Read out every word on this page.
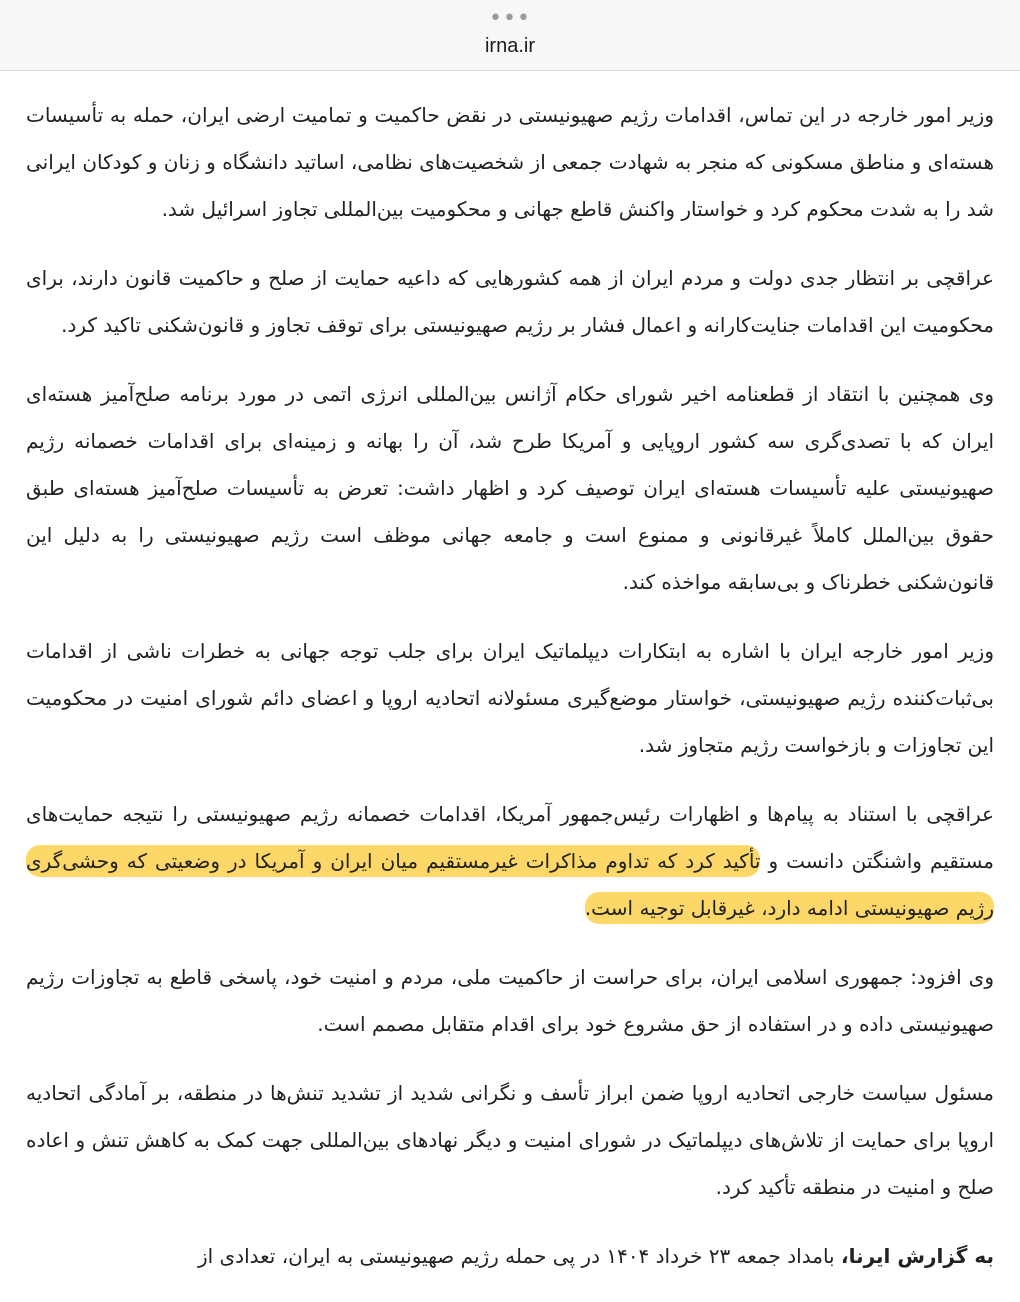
•••
irna.ir

وزیر امور خارجه در این تماس، اقدامات رژیم صهیونیستی در نقض حاکمیت و تمامیت ارضی ایران، حمله به تأسیسات هسته‌ای و مناطق مسکونی که منجر به شهادت جمعی از شخصیت‌های نظامی، اساتید دانشگاه و زنان و کودکان ایرانی شد را به شدت محکوم کرد و خواستار واکنش قاطع جهانی و محکومیت بین‌المللی تجاوز اسرائیل شد.

عراقچی بر انتظار جدی دولت و مردم ایران از همه کشورهایی که داعیه حمایت از صلح و حاکمیت قانون دارند، برای محکومیت این اقدامات جنایت‌کارانه و اعمال فشار بر رژیم صهیونیستی برای توقف تجاوز و قانون‌شکنی تاکید کرد.

وی همچنین با انتقاد از قطعنامه اخیر شورای حکام آژانس بین‌المللی انرژی اتمی در مورد برنامه صلح‌آمیز هسته‌ای ایران که با تصدی‌گری سه کشور اروپایی و آمریکا طرح شد، آن را بهانه و زمینه‌ای برای اقدامات خصمانه رژیم صهیونیستی علیه تأسیسات هسته‌ای ایران توصیف کرد و اظهار داشت: تعرض به تأسیسات صلح‌آمیز هسته‌ای طبق حقوق بین‌الملل کاملاً غیرقانونی و ممنوع است و جامعه جهانی موظف است رژیم صهیونیستی را به دلیل این قانون‌شکنی خطرناک و بی‌سابقه مواخذه کند.

وزیر امور خارجه ایران با اشاره به ابتکارات دیپلماتیک ایران برای جلب توجه جهانی به خطرات ناشی از اقدامات بی‌ثبات‌کننده رژیم صهیونیستی، خواستار موضع‌گیری مسئولانه اتحادیه اروپا و اعضای دائم شورای امنیت در محکومیت این تجاوزات و بازخواست رژیم متجاوز شد.

عراقچی با استناد به پیام‌ها و اظهارات رئیس‌جمهور آمریکا، اقدامات خصمانه رژیم صهیونیستی را نتیجه حمایت‌های مستقیم واشنگتن دانست و تأکید کرد که تداوم مذاکرات غیرمستقیم میان ایران و آمریکا در وضعیتی که وحشی‌گری رژیم صهیونیستی ادامه دارد، غیرقابل توجیه است.

وی افزود: جمهوری اسلامی ایران، برای حراست از حاکمیت ملی، مردم و امنیت خود، پاسخی قاطع به تجاوزات رژیم صهیونیستی داده و در استفاده از حق مشروع خود برای اقدام متقابل مصمم است.

مسئول سیاست خارجی اتحادیه اروپا ضمن ابراز تأسف و نگرانی شدید از تشدید تنش‌ها در منطقه، بر آمادگی اتحادیه اروپا برای حمایت از تلاش‌های دیپلماتیک در شورای امنیت و دیگر نهادهای بین‌المللی جهت کمک به کاهش تنش و اعاده صلح و امنیت در منطقه تأکید کرد.

به گزارش ایرنا، بامداد جمعه ۲۳ خرداد ۱۴۰۴ در پی حمله رژیم صهیونیستی به ایران، تعدادی از
